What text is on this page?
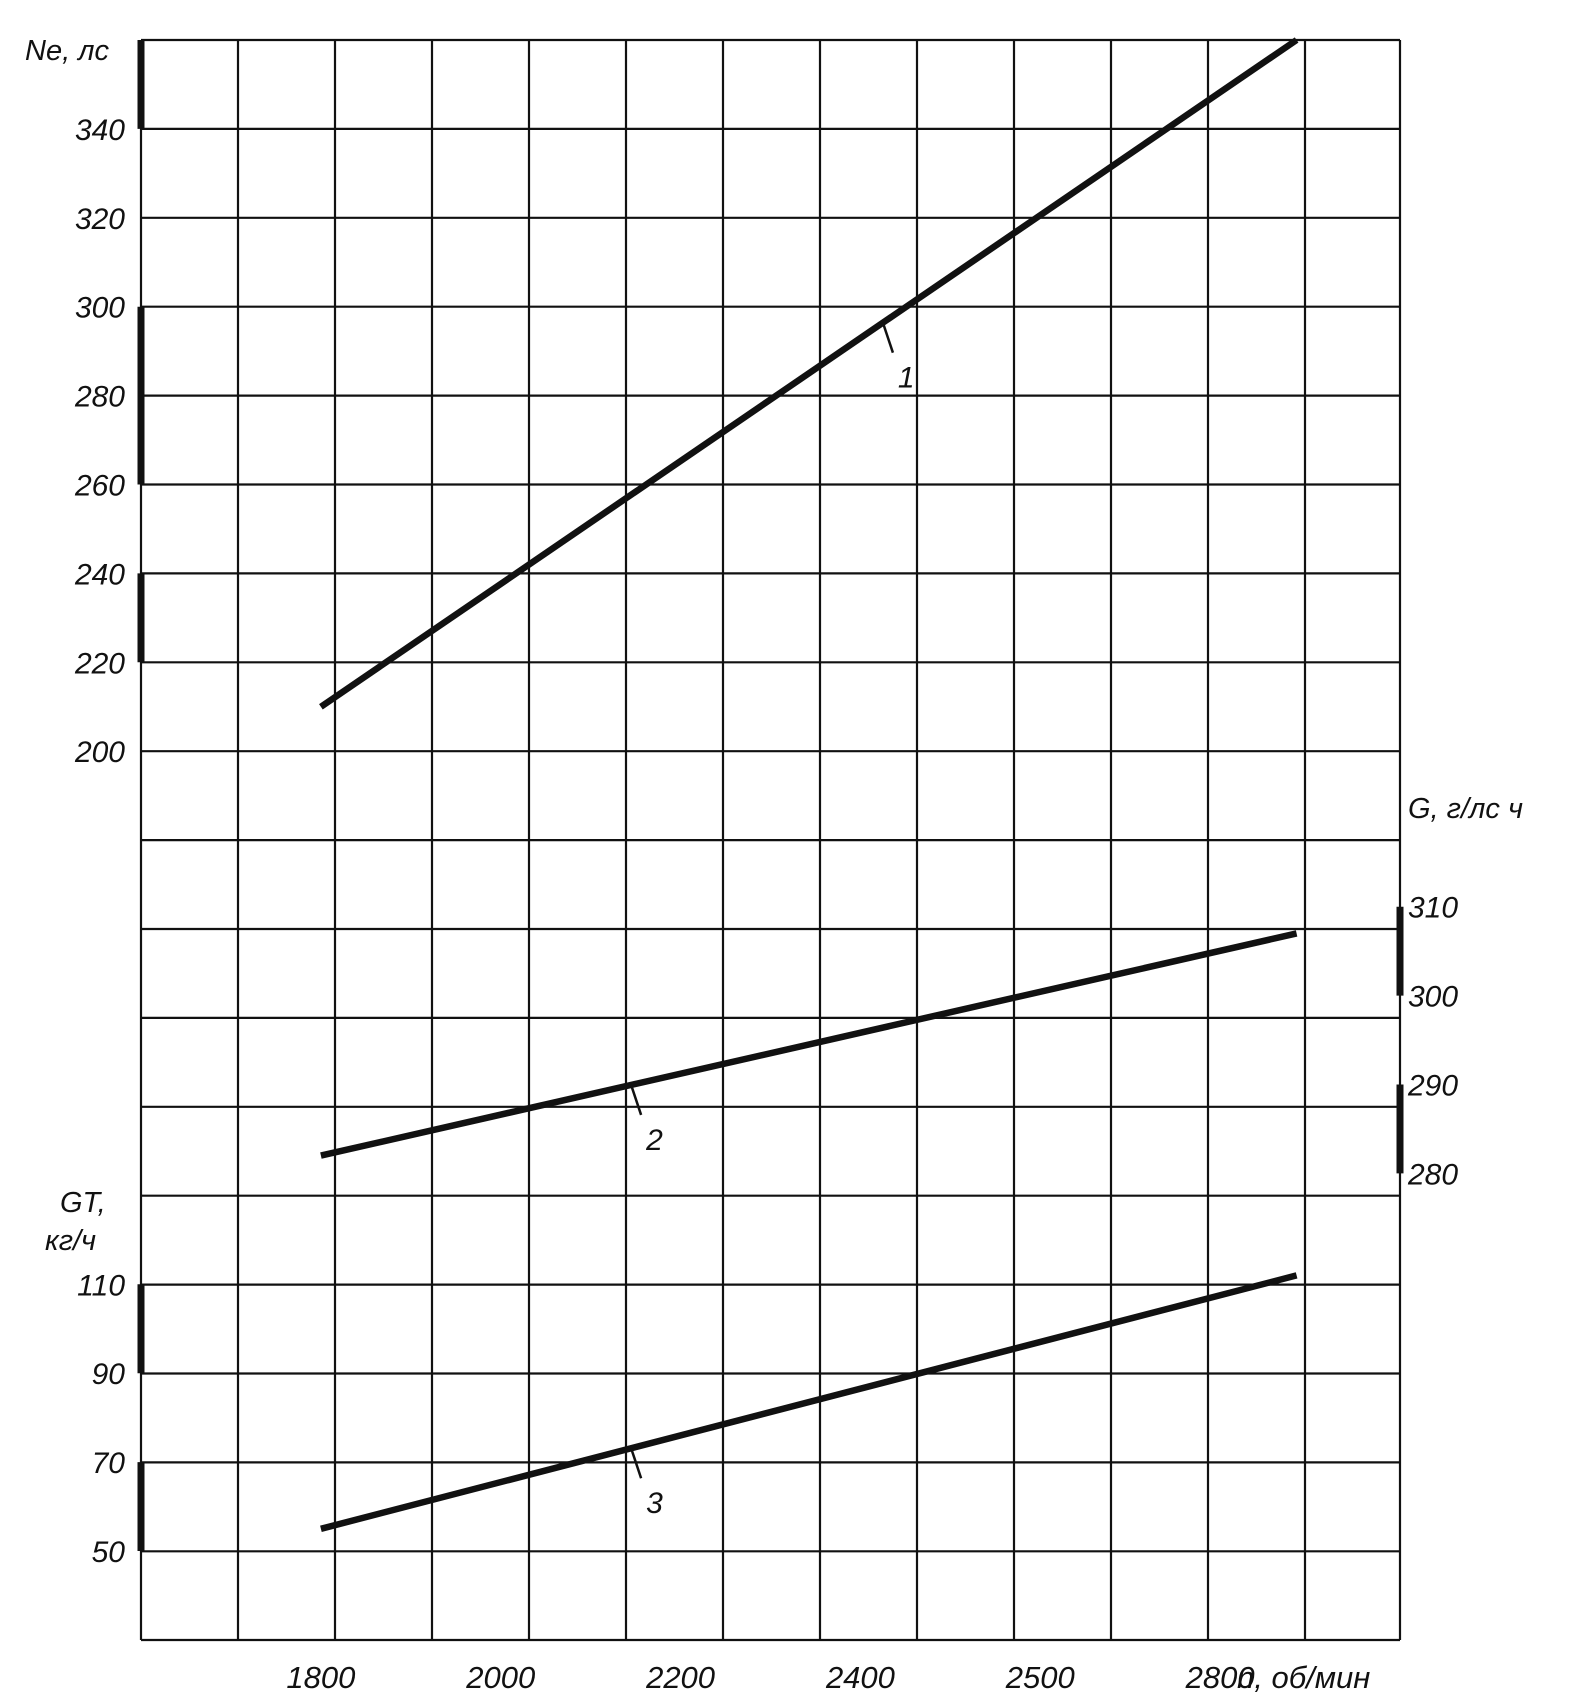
Ne, лс
G, г/лс ч
GT,
кг/ч
n, об/мин
1800	2000	2200	2400	2500	2800
340
320
300
280
260
240
220
200
310
300
290
280
110
90
70
50
1
2
3
